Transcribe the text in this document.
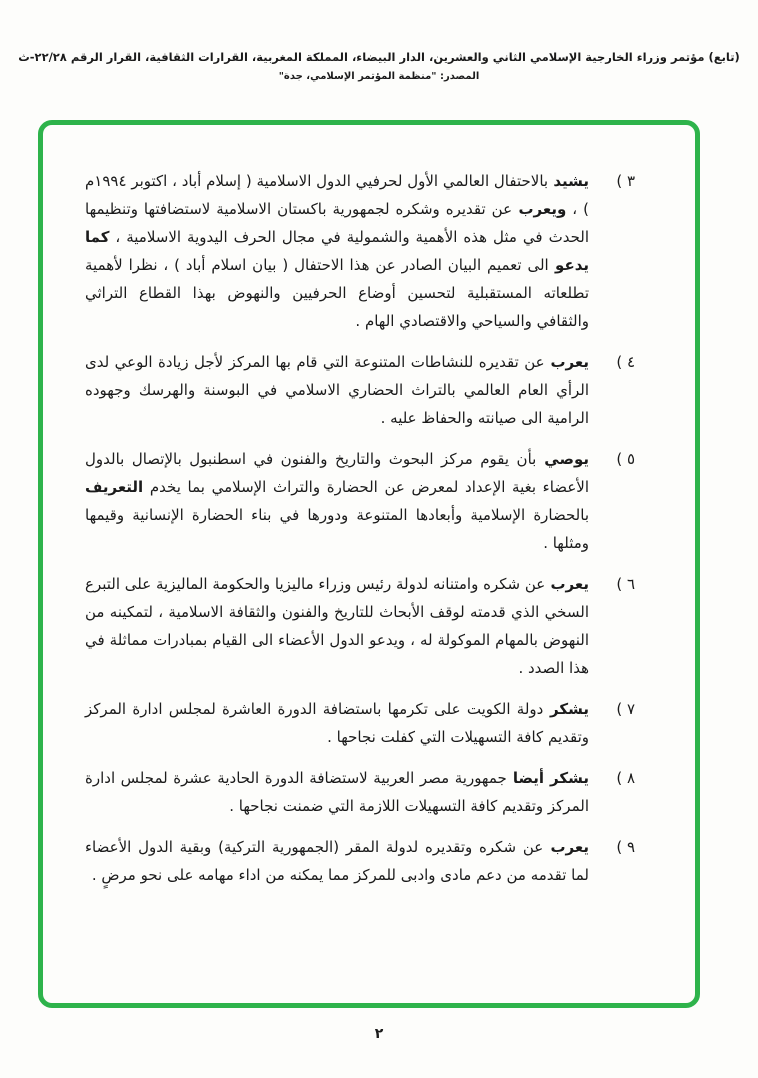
(تابع) مؤتمر وزراء الخارجية الإسلامي الثاني والعشرين، الدار البيضاء، المملكة المغربية، القرارات الثقافية، القرار الرقم ٢٢/٢٨-ث
المصدر: "منظمة المؤتمر الإسلامي، جدة"
٣ )
يشيد بالاحتفال العالمي الأول لحرفيي الدول الاسلامية ( إسلام أباد ، اكتوبر ١٩٩٤م ) ، ويعرب عن تقديره وشكره لجمهورية باكستان الاسلامية لاستضافتها وتنظيمها الحدث في مثل هذه الأهمية والشمولية في مجال الحرف اليدوية الاسلامية ، كما يدعو الى تعميم البيان الصادر عن هذا الاحتفال ( بيان اسلام أباد ) ، نظرا لأهمية تطلعاته المستقبلية لتحسين أوضاع الحرفيين والنهوض بهذا القطاع التراثي والثقافي والسياحي والاقتصادي الهام .
٤ )
يعرب عن تقديره للنشاطات المتنوعة التي قام بها المركز لأجل زيادة الوعي لدى الرأي العام العالمي بالتراث الحضاري الاسلامي في البوسنة والهرسك وجهوده الرامية الى صيانته والحفاظ عليه .
٥ )
يوصي بأن يقوم مركز البحوث والتاريخ والفنون في اسطنبول بالإتصال بالدول الأعضاء بغية الإعداد لمعرض عن الحضارة والتراث الإسلامي بما يخدم التعريف بالحضارة الإسلامية وأبعادها المتنوعة ودورها في بناء الحضارة الإنسانية وقيمها ومثلها .
٦ )
يعرب عن شكره وامتنانه لدولة رئيس وزراء ماليزيا والحكومة الماليزية على التبرع السخي الذي قدمته لوقف الأبحاث للتاريخ والفنون والثقافة الاسلامية ، لتمكينه من النهوض بالمهام الموكولة له ، ويدعو الدول الأعضاء الى القيام بمبادرات مماثلة في هذا الصدد .
٧ )
يشكر دولة الكويت على تكرمها باستضافة الدورة العاشرة لمجلس ادارة المركز وتقديم كافة التسهيلات التي كفلت نجاحها .
٨ )
يشكر أيضا جمهورية مصر العربية لاستضافة الدورة الحادية عشرة لمجلس ادارة المركز وتقديم كافة التسهيلات اللازمة التي ضمنت نجاحها .
٩ )
يعرب عن شكره وتقديره لدولة المقر (الجمهورية التركية) وبقية الدول الأعضاء لما تقدمه من دعم مادى وادبى للمركز مما يمكنه من اداء مهامه على نحو مرضٍ .
٢
